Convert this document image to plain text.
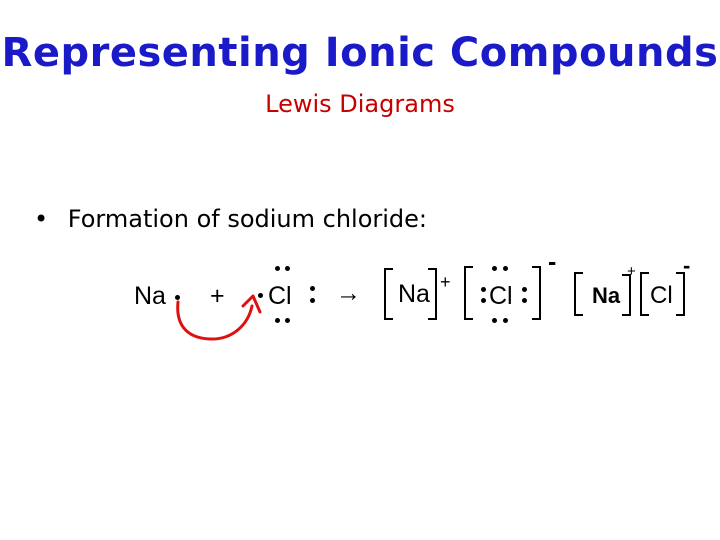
Representing Ionic Compounds
Lewis Diagrams
• Formation of sodium chloride:
Na + Cl → Na + Cl
-
Na
+
Cl
-
